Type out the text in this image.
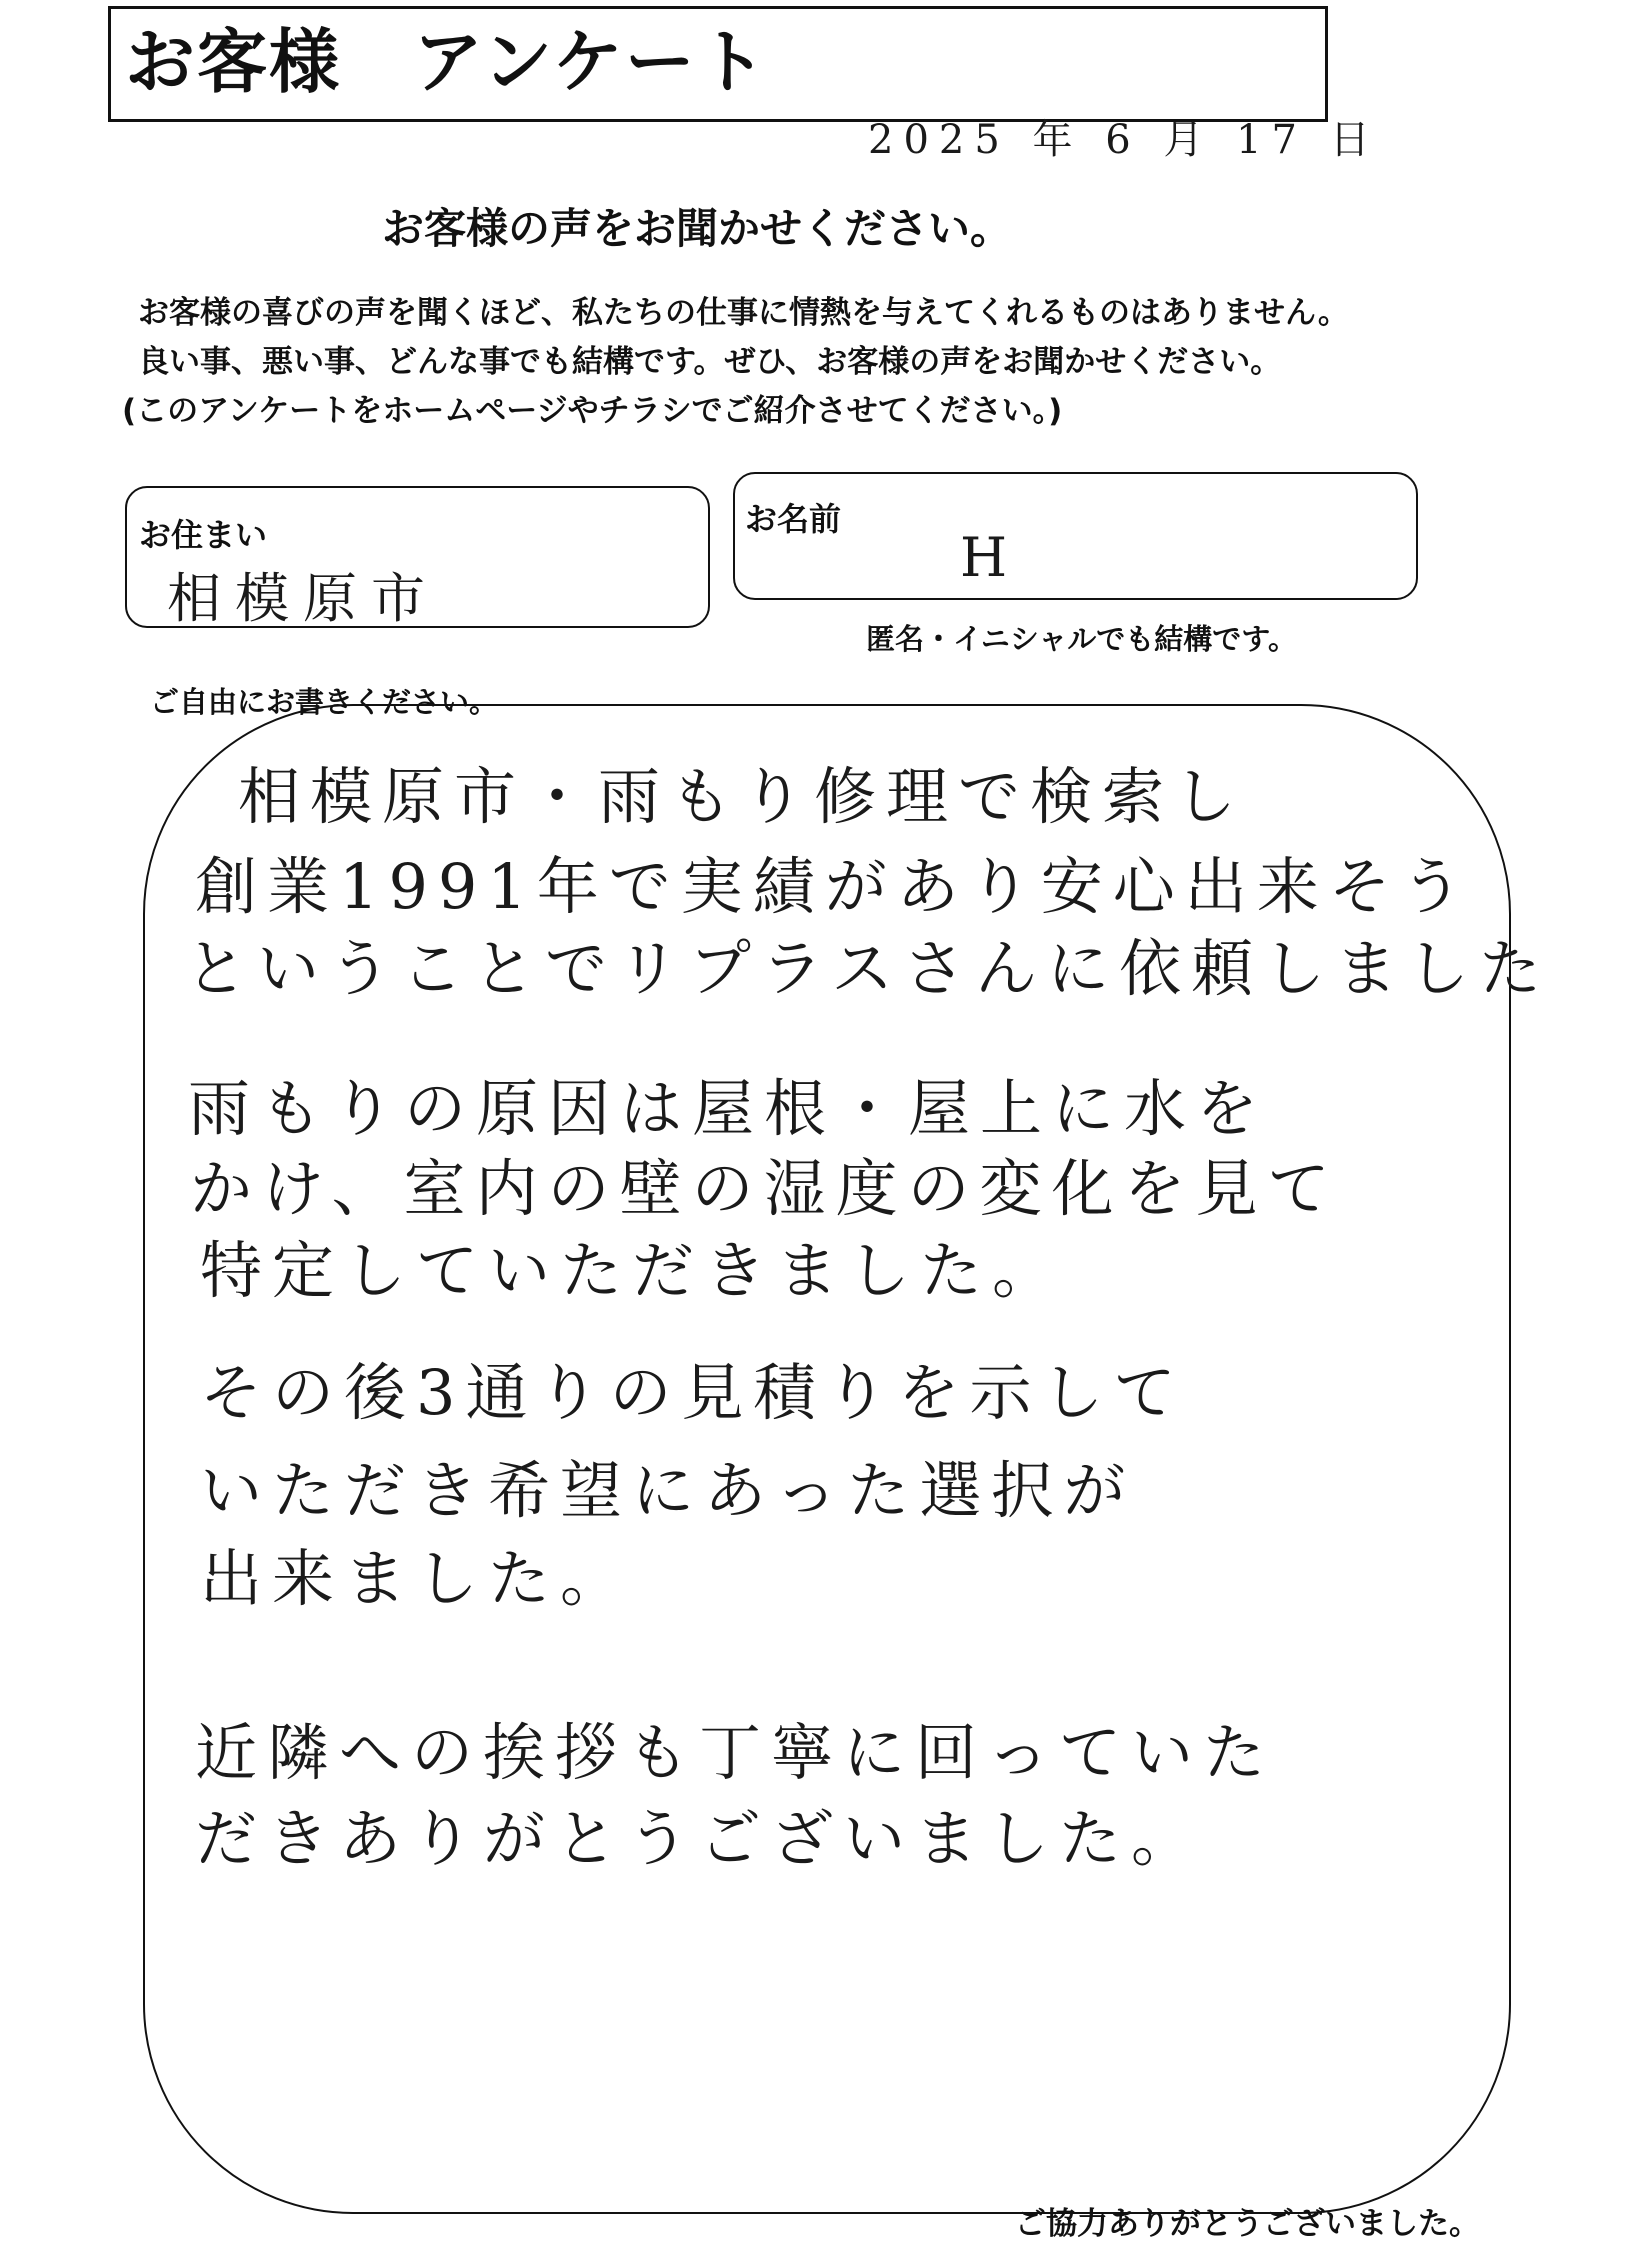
お客様　アンケート
2025 年 6 月 17 日
お客様の声をお聞かせください。
お客様の喜びの声を聞くほど、私たちの仕事に情熱を与えてくれるものはありません。
良い事、悪い事、どんな事でも結構です。ぜひ、お客様の声をお聞かせください。
(このアンケートをホームページやチラシでご紹介させてください。)
お住まい
相模原市
お名前
H
匿名・イニシャルでも結構です。
ご自由にお書きください。
相模原市・雨もり修理で検索し
創業1991年で実績があり安心出来そう
ということでリプラスさんに依頼しました
雨もりの原因は屋根・屋上に水を
かけ、室内の壁の湿度の変化を見て
特定していただきました。
その後3通りの見積りを示して
いただき希望にあった選択が
出来ました。
近隣への挨拶も丁寧に回っていた
だきありがとうございました。
ご協力ありがとうございました。
